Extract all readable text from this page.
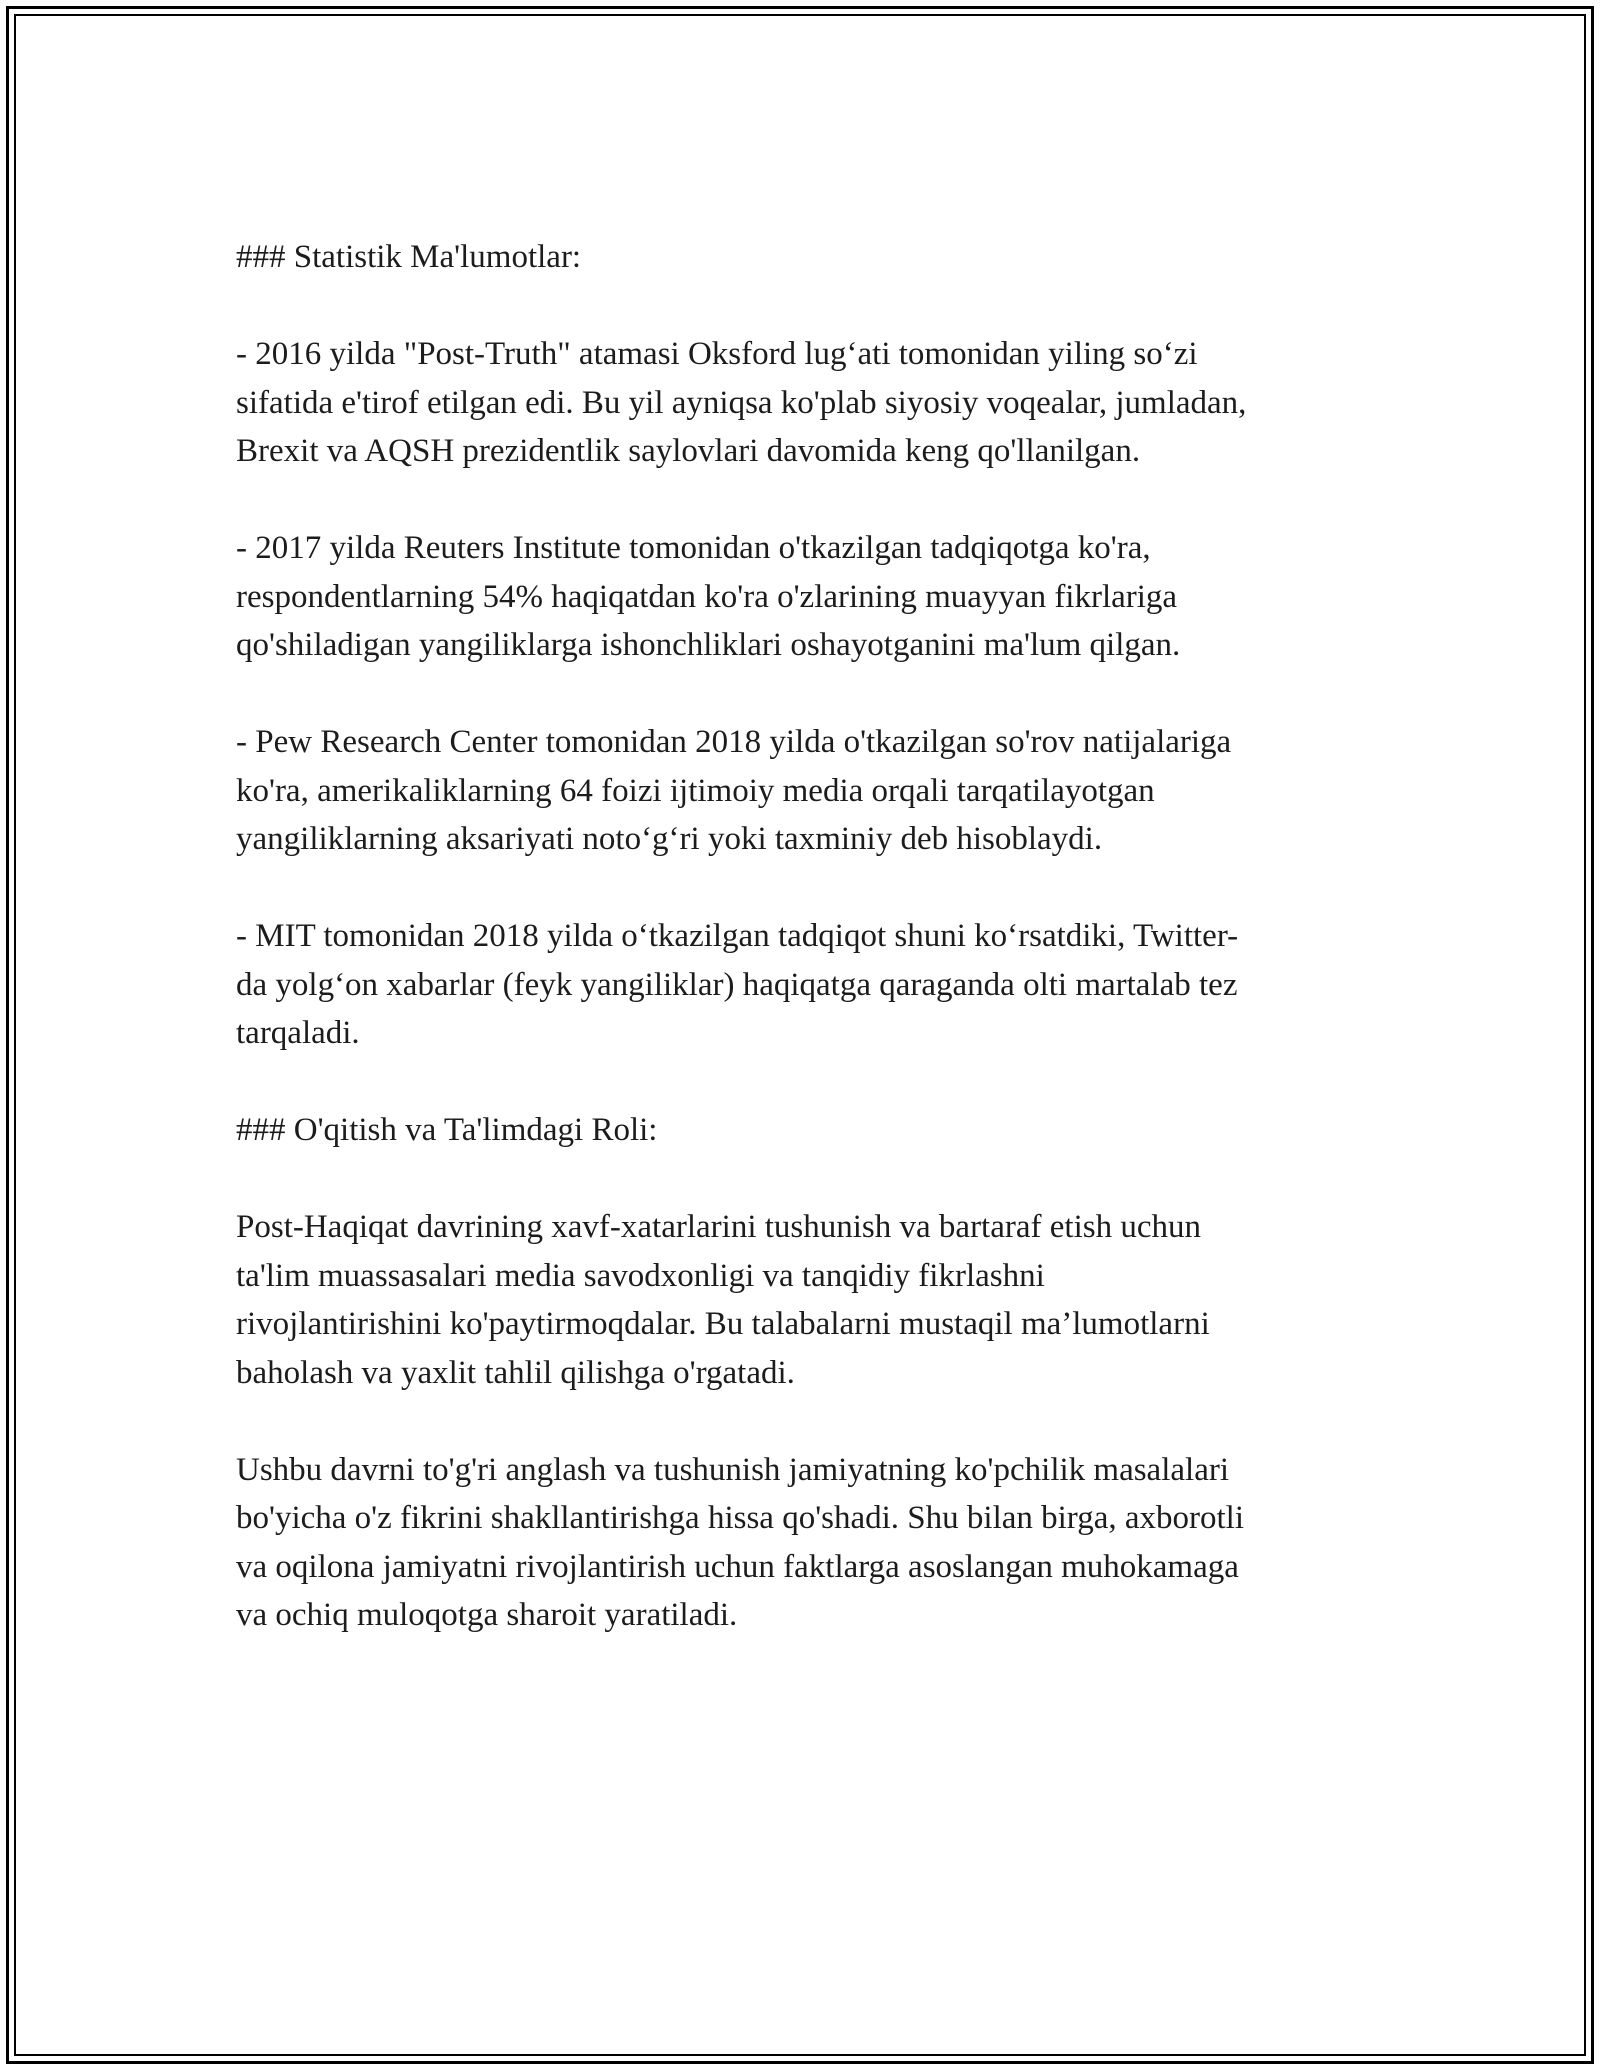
### Statistik Ma'lumotlar:

- 2016 yilda "Post-Truth" atamasi Oksford lug‘ati tomonidan yiling so‘zi
sifatida e'tirof etilgan edi. Bu yil ayniqsa ko'plab siyosiy voqealar, jumladan,
Brexit va AQSH prezidentlik saylovlari davomida keng qo'llanilgan.

- 2017 yilda Reuters Institute tomonidan o'tkazilgan tadqiqotga ko'ra,
respondentlarning 54% haqiqatdan ko'ra o'zlarining muayyan fikrlariga
qo'shiladigan yangiliklarga ishonchliklari oshayotganini ma'lum qilgan.

- Pew Research Center tomonidan 2018 yilda o'tkazilgan so'rov natijalariga
ko'ra, amerikaliklarning 64 foizi ijtimoiy media orqali tarqatilayotgan
yangiliklarning aksariyati noto‘g‘ri yoki taxminiy deb hisoblaydi.

- MIT tomonidan 2018 yilda o‘tkazilgan tadqiqot shuni ko‘rsatdiki, Twitter-
da yolg‘on xabarlar (feyk yangiliklar) haqiqatga qaraganda olti martalab tez
tarqaladi.

### O'qitish va Ta'limdagi Roli:

Post-Haqiqat davrining xavf-xatarlarini tushunish va bartaraf etish uchun
ta'lim muassasalari media savodxonligi va tanqidiy fikrlashni
rivojlantirishini ko'paytirmoqdalar. Bu talabalarni mustaqil ma’lumotlarni
baholash va yaxlit tahlil qilishga o'rgatadi.

Ushbu davrni to'g'ri anglash va tushunish jamiyatning ko'pchilik masalalari
bo'yicha o'z fikrini shakllantirishga hissa qo'shadi. Shu bilan birga, axborotli
va oqilona jamiyatni rivojlantirish uchun faktlarga asoslangan muhokamaga
va ochiq muloqotga sharoit yaratiladi.
